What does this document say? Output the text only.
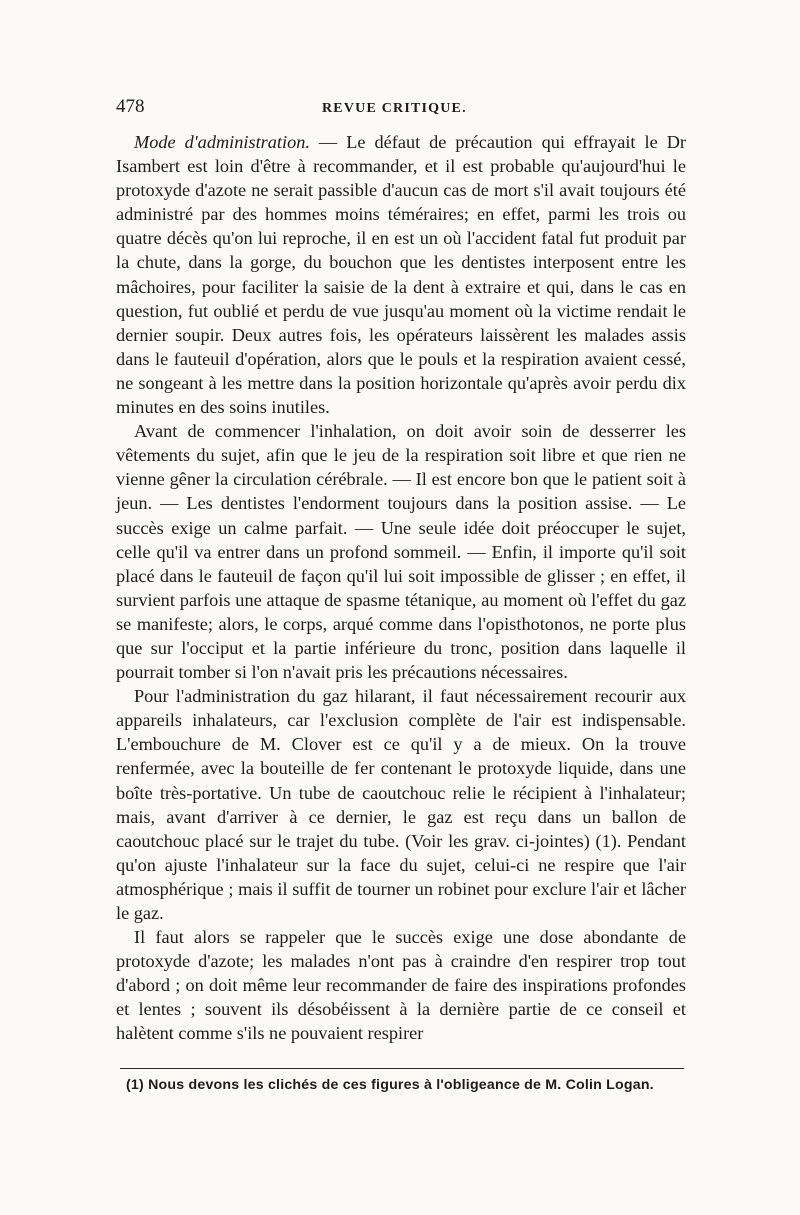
478	REVUE CRITIQUE.

Mode d'administration. — Le défaut de précaution qui effrayait le Dr Isambert est loin d'être à recommander, et il est probable qu'aujourd'hui le protoxyde d'azote ne serait passible d'aucun cas de mort s'il avait toujours été administré par des hommes moins téméraires; en effet, parmi les trois ou quatre décès qu'on lui reproche, il en est un où l'accident fatal fut produit par la chute, dans la gorge, du bouchon que les dentistes interposent entre les mâchoires, pour faciliter la saisie de la dent à extraire et qui, dans le cas en question, fut oublié et perdu de vue jusqu'au moment où la victime rendait le dernier soupir. Deux autres fois, les opérateurs laissèrent les malades assis dans le fauteuil d'opération, alors que le pouls et la respiration avaient cessé, ne songeant à les mettre dans la position horizontale qu'après avoir perdu dix minutes en des soins inutiles.

Avant de commencer l'inhalation, on doit avoir soin de desserrer les vêtements du sujet, afin que le jeu de la respiration soit libre et que rien ne vienne gêner la circulation cérébrale. — Il est encore bon que le patient soit à jeun. — Les dentistes l'endorment toujours dans la position assise. — Le succès exige un calme parfait. — Une seule idée doit préoccuper le sujet, celle qu'il va entrer dans un profond sommeil. — Enfin, il importe qu'il soit placé dans le fauteuil de façon qu'il lui soit impossible de glisser ; en effet, il survient parfois une attaque de spasme tétanique, au moment où l'effet du gaz se manifeste; alors, le corps, arqué comme dans l'opisthotonos, ne porte plus que sur l'occiput et la partie inférieure du tronc, position dans laquelle il pourrait tomber si l'on n'avait pris les précautions nécessaires.

Pour l'administration du gaz hilarant, il faut nécessairement recourir aux appareils inhalateurs, car l'exclusion complète de l'air est indispensable. L'embouchure de M. Clover est ce qu'il y a de mieux. On la trouve renfermée, avec la bouteille de fer contenant le protoxyde liquide, dans une boîte très-portative. Un tube de caoutchouc relie le récipient à l'inhalateur; mais, avant d'arriver à ce dernier, le gaz est reçu dans un ballon de caoutchouc placé sur le trajet du tube. (Voir les grav. ci-jointes) (1). Pendant qu'on ajuste l'inhalateur sur la face du sujet, celui-ci ne respire que l'air atmosphérique ; mais il suffit de tourner un robinet pour exclure l'air et lâcher le gaz.

Il faut alors se rappeler que le succès exige une dose abondante de protoxyde d'azote; les malades n'ont pas à craindre d'en respirer trop tout d'abord ; on doit même leur recommander de faire des inspirations profondes et lentes ; souvent ils désobéissent à la dernière partie de ce conseil et halètent comme s'ils ne pouvaient respirer

(1) Nous devons les clichés de ces figures à l'obligeance de M. Colin Logan.
